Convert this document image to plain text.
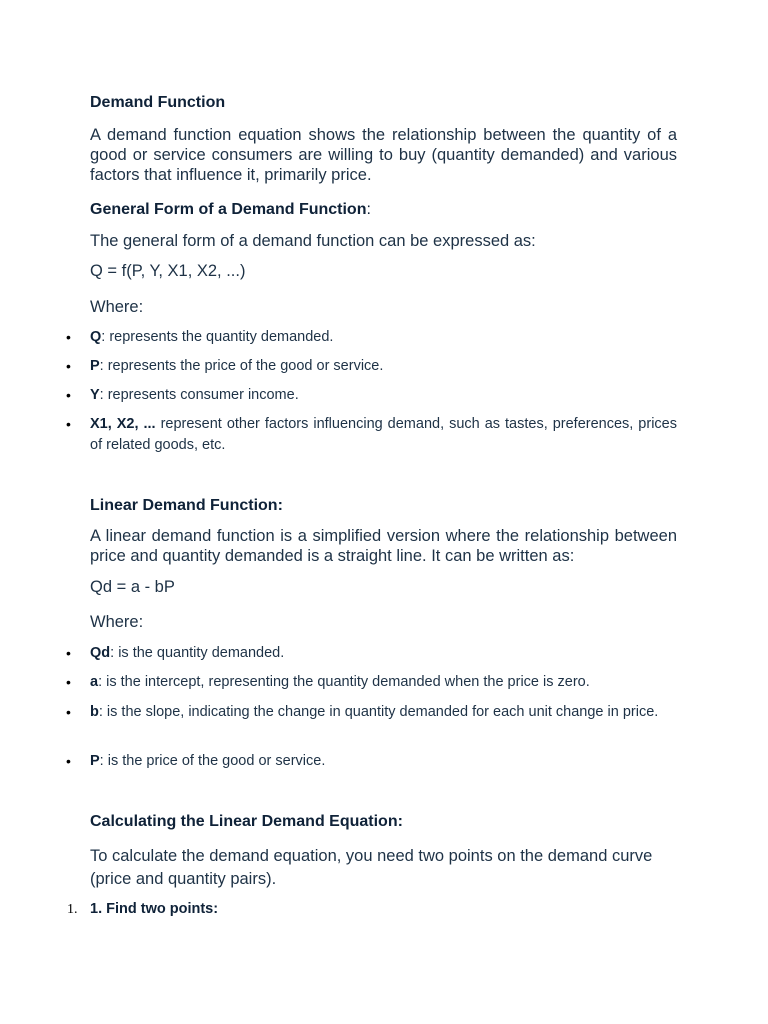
Demand Function

A demand function equation shows the relationship between the quantity of a good or service consumers are willing to buy (quantity demanded) and various factors that influence it, primarily price.

General Form of a Demand Function:

The general form of a demand function can be expressed as:

Q = f(P, Y, X1, X2, ...)

Where:

• Q: represents the quantity demanded.

• P: represents the price of the good or service.

• Y: represents consumer income.

• X1, X2, ... represent other factors influencing demand, such as tastes, preferences, prices of related goods, etc.

Linear Demand Function:

A linear demand function is a simplified version where the relationship between price and quantity demanded is a straight line. It can be written as:

Qd = a - bP

Where:

• Qd: is the quantity demanded.

• a: is the intercept, representing the quantity demanded when the price is zero.

• b: is the slope, indicating the change in quantity demanded for each unit change in price.

• P: is the price of the good or service.

Calculating the Linear Demand Equation:

To calculate the demand equation, you need two points on the demand curve (price and quantity pairs).

1. 1. Find two points:
